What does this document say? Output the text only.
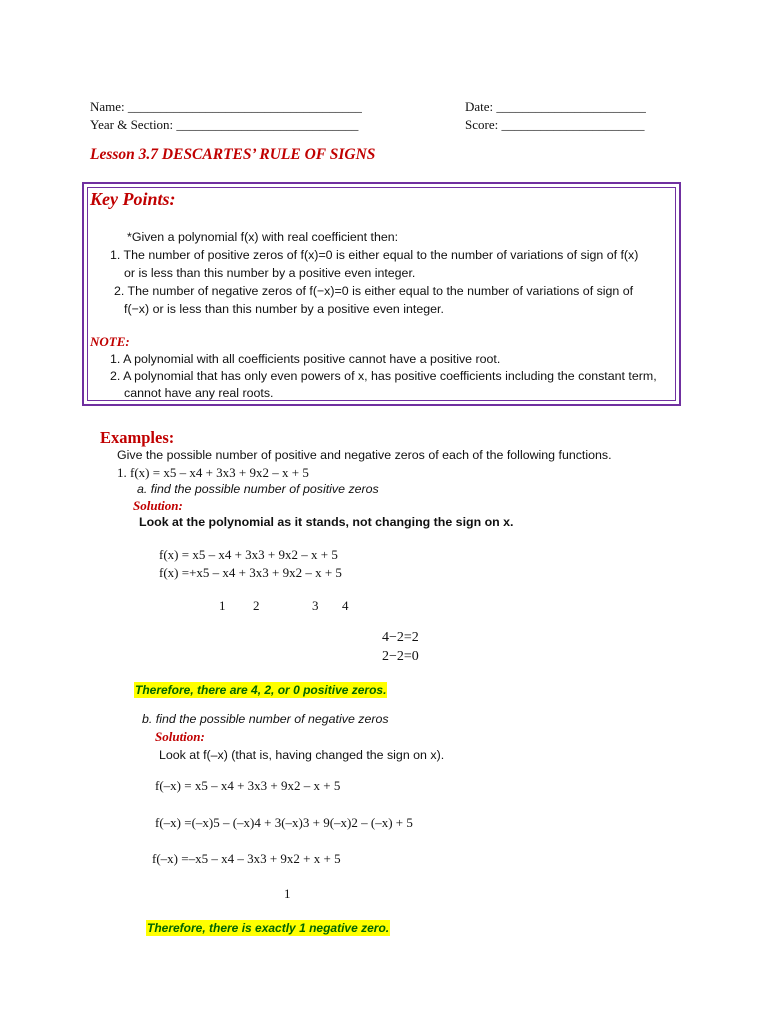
Name: ____________________________________	Date: _______________________
Year & Section: ____________________________	Score: ______________________
Lesson 3.7 DESCARTES’ RULE OF SIGNS
Key Points:
*Given a polynomial f(x) with real coefficient then:
1. The number of positive zeros of f(x)=0 is either equal to the number of variations of sign of f(x)
or is less than this number by a positive even integer.
2. The number of negative zeros of f(−x)=0 is either equal to the number of variations of sign of
f(−x) or is less than this number by a positive even integer.
NOTE:
1. A polynomial with all coefficients positive cannot have a positive root.
2. A polynomial that has only even powers of x, has positive coefficients including the constant term,
cannot have any real roots.
Examples:
Give the possible number of positive and negative zeros of each of the following functions.
1. f(x) = x5 – x4 + 3x3 + 9x2 – x + 5
a. find the possible number of positive zeros
Solution:
Look at the polynomial as it stands, not changing the sign on x.
f(x) = x5 – x4 + 3x3 + 9x2 – x + 5
f(x) =+x5 – x4 + 3x3 + 9x2 – x + 5
1 2	3 4
4−2=2
2−2=0
Therefore, there are 4, 2, or 0 positive zeros.
b. find the possible number of negative zeros
Solution:
Look at f(–x) (that is, having changed the sign on x).
f(–x) = x5 – x4 + 3x3 + 9x2 – x + 5
f(–x) =(–x)5 – (–x)4 + 3(–x)3 + 9(–x)2 – (–x) + 5
f(–x) =–x5 – x4 – 3x3 + 9x2 + x + 5
1
Therefore, there is exactly 1 negative zero.
